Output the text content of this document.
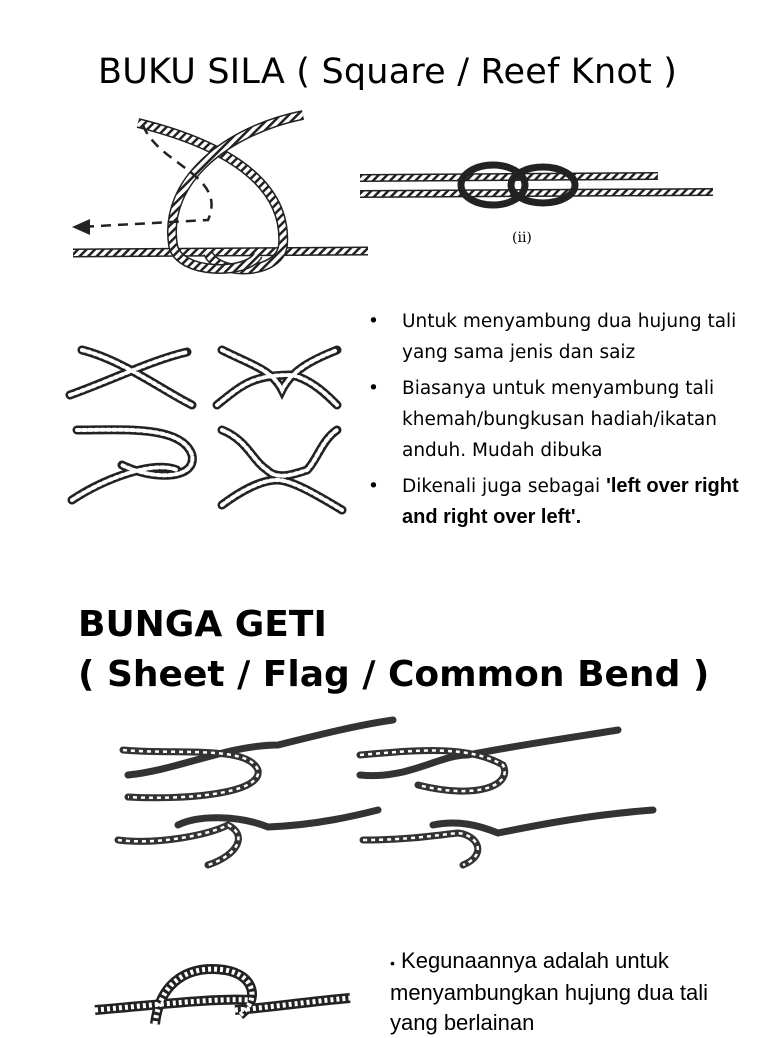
BUKU SILA ( Square / Reef Knot )
(ii)
• Untuk menyambung dua hujung tali yang sama jenis dan saiz
• Biasanya untuk menyambung tali khemah/bungkusan hadiah/ikatan anduh. Mudah dibuka
• Dikenali juga sebagai 'left over right and right over left'.
BUNGA GETI
( Sheet / Flag / Common Bend )
• Kegunaannya adalah untuk menyambungkan hujung dua tali yang berlainan
